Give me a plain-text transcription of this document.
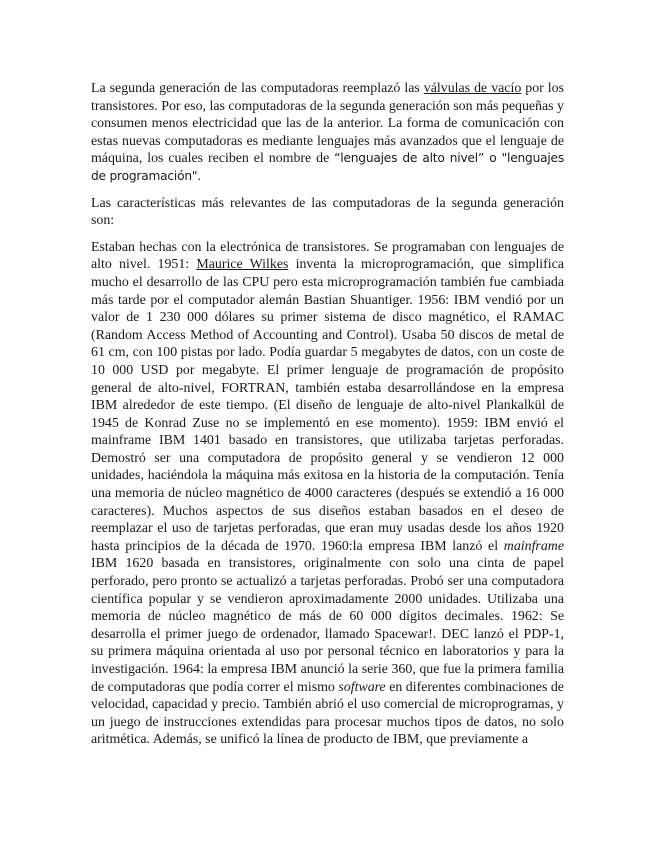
La segunda generación de las computadoras reemplazó las válvulas de vacío por los transistores. Por eso, las computadoras de la segunda generación son más pequeñas y consumen menos electricidad que las de la anterior. La forma de comunicación con estas nuevas computadoras es mediante lenguajes más avanzados que el lenguaje de máquina, los cuales reciben el nombre de “lenguajes de alto nivel” o "lenguajes de programación".

Las características más relevantes de las computadoras de la segunda generación son:

Estaban hechas con la electrónica de transistores. Se programaban con lenguajes de alto nivel. 1951: Maurice Wilkes inventa la microprogramación, que simplifica mucho el desarrollo de las CPU pero esta microprogramación también fue cambiada más tarde por el computador alemán Bastian Shuantiger. 1956: IBM vendió por un valor de 1 230 000 dólares su primer sistema de disco magnético, el RAMAC (Random Access Method of Accounting and Control). Usaba 50 discos de metal de 61 cm, con 100 pistas por lado. Podía guardar 5 megabytes de datos, con un coste de 10 000 USD por megabyte. El primer lenguaje de programación de propósito general de alto-nivel, FORTRAN, también estaba desarrollándose en la empresa IBM alrededor de este tiempo. (El diseño de lenguaje de alto-nivel Plankalkül de 1945 de Konrad Zuse no se implementó en ese momento). 1959: IBM envió el mainframe IBM 1401 basado en transistores, que utilizaba tarjetas perforadas. Demostró ser una computadora de propósito general y se vendieron 12 000 unidades, haciéndola la máquina más exitosa en la historia de la computación. Tenía una memoria de núcleo magnético de 4000 caracteres (después se extendió a 16 000 caracteres). Muchos aspectos de sus diseños estaban basados en el deseo de reemplazar el uso de tarjetas perforadas, que eran muy usadas desde los años 1920 hasta principios de la década de 1970. 1960:la empresa IBM lanzó el mainframe IBM 1620 basada en transistores, originalmente con solo una cinta de papel perforado, pero pronto se actualizó a tarjetas perforadas. Probó ser una computadora científica popular y se vendieron aproximadamente 2000 unidades. Utilizaba una memoria de núcleo magnético de más de 60 000 dígitos decimales. 1962: Se desarrolla el primer juego de ordenador, llamado Spacewar!. DEC lanzó el PDP-1, su primera máquina orientada al uso por personal técnico en laboratorios y para la investigación. 1964: la empresa IBM anunció la serie 360, que fue la primera familia de computadoras que podía correr el mismo software en diferentes combinaciones de velocidad, capacidad y precio. También abrió el uso comercial de microprogramas, y un juego de instrucciones extendidas para procesar muchos tipos de datos, no solo aritmética. Además, se unificó la línea de producto de IBM, que previamente a
